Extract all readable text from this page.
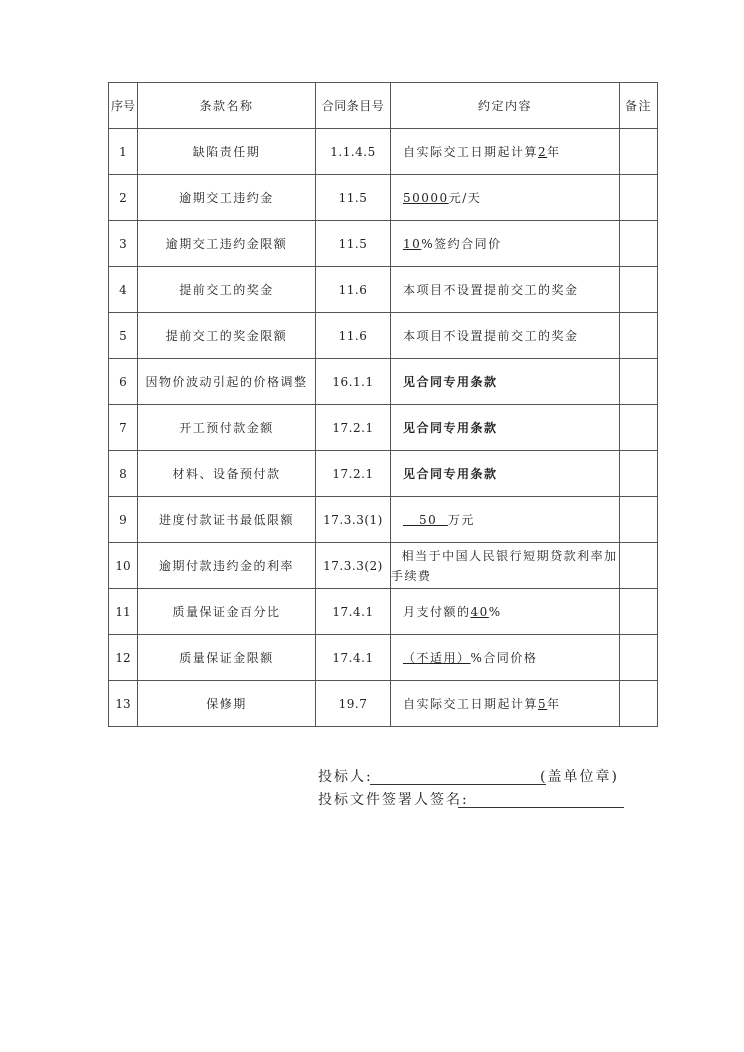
序号	条款名称	合同条目号	约定内容	备注
1	缺陷责任期	1.1.4.5	自实际交工日期起计算2年	
2	逾期交工违约金	11.5	50000元/天	
3	逾期交工违约金限额	11.5	10%签约合同价	
4	提前交工的奖金	11.6	本项目不设置提前交工的奖金	
5	提前交工的奖金限额	11.6	本项目不设置提前交工的奖金	
6	因物价波动引起的价格调整	16.1.1	见合同专用条款	
7	开工预付款金额	17.2.1	见合同专用条款	
8	材料、设备预付款	17.2.1	见合同专用条款	
9	进度付款证书最低限额	17.3.3(1)	50  万元	
10	逾期付款违约金的利率	17.3.3(2)	相当于中国人民银行短期贷款利率加手续费	
11	质量保证金百分比	17.4.1	月支付额的40%	
12	质量保证金限额	17.4.1	（不适用）%合同价格	
13	保修期	19.7	自实际交工日期起计算5年	
投标人:	(盖单位章)
投标文件签署人签名:
